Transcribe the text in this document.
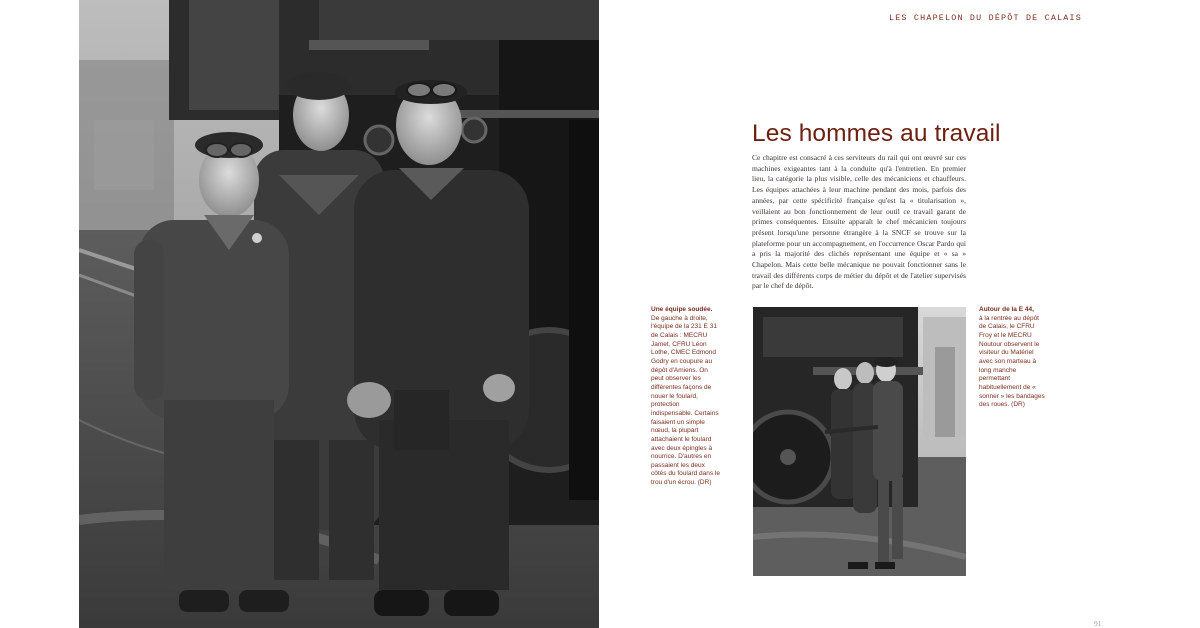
LES CHAPELON DU DÉPÔT DE CALAIS
Les hommes au travail

Ce chapitre est consacré à ces serviteurs du rail qui ont œuvré sur ces machines exigeantes tant à la conduite qu'à l'entretien. En premier lieu, la catégorie la plus visible, celle des mécaniciens et chauffeurs. Les équipes attachées à leur machine pendant des mois, parfois des années, par cette spécificité française qu'est la « titularisation », veillaient au bon fonctionnement de leur outil ce travail garant de primes conséquentes. Ensuite apparaît le chef mécanicien toujours présent lorsqu'une personne étrangère à la SNCF se trouve sur la plateforme pour un accompagnement, en l'occurrence Oscar Pardo qui a pris la majorité des clichés représentant une équipe et « sa » Chapelon. Mais cette belle mécanique ne pouvait fonctionner sans le travail des différents corps de métier du dépôt et de l'atelier supervisés par le chef de dépôt.

Une équipe soudée.
De gauche à droite, l'équipe de la 231 E 31 de Calais : MECRU Jamet, CFRU Léon Lothe, CMEC Edmond Godry en coupure au dépôt d'Amiens. On peut observer les différentes façons de nouer le foulard, protection indispensable. Certains faisaient un simple nœud, la plupart attachaient le foulard avec deux épingles à nourrice. D'autres en passaient les deux côtés du foulard dans le trou d'un écrou. (DR)
Autour de la E 44,
à la rentrée au dépôt de Calais, le CFRU Froy et le MECRU Noutour observent le visiteur du Matériel avec son marteau à long manche permettant habituellement de « sonner » les bandages des roues. (DR)
91
